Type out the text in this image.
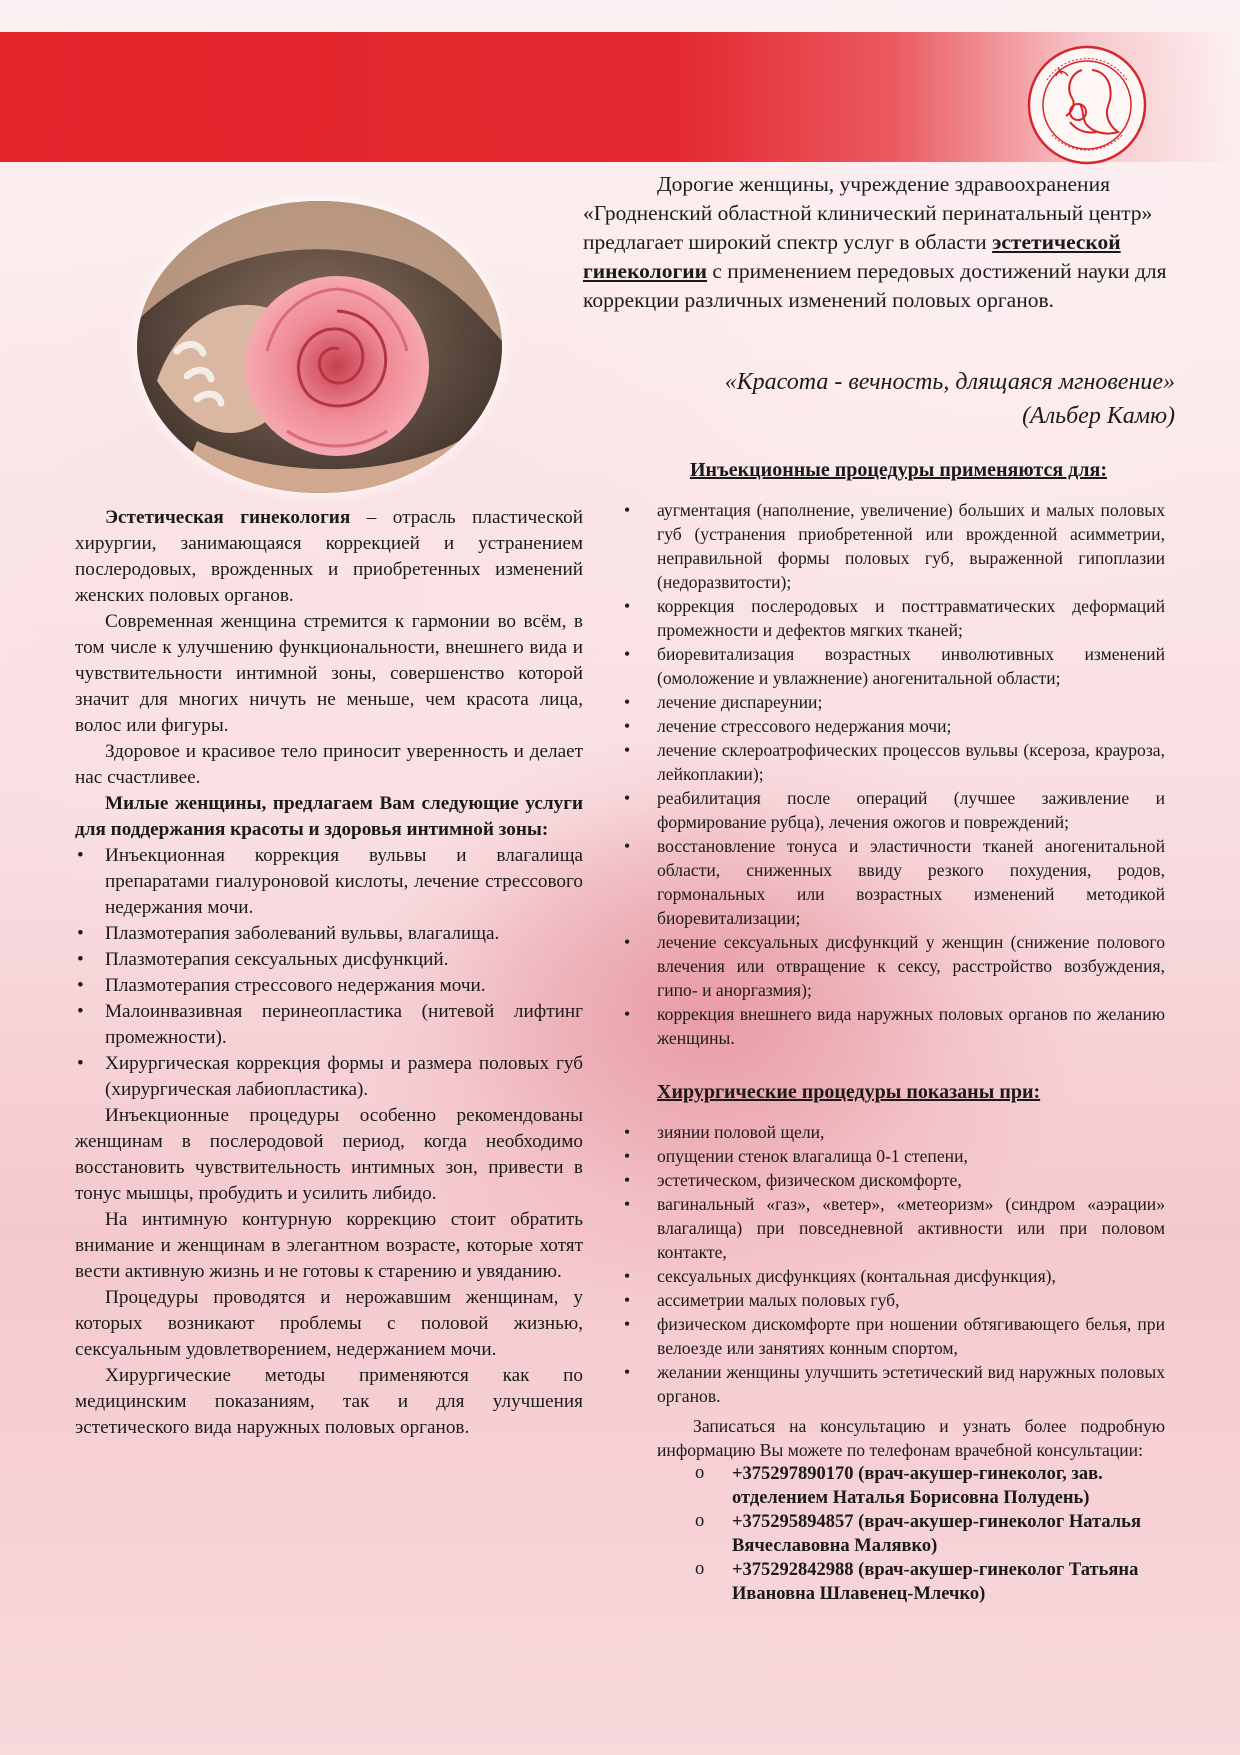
Дорогие женщины, учреждение здравоохранения «Гродненский областной клинический перинатальный центр» предлагает широкий спектр услуг в области эстетической гинекологии с применением передовых достижений науки для коррекции различных изменений половых органов.

«Красота - вечность, длящаяся мгновение»
(Альбер Камю)

Эстетическая гинекология – отрасль пластической хирургии, занимающаяся коррекцией и устранением послеродовых, врожденных и приобретенных изменений женских половых органов.

Современная женщина стремится к гармонии во всём, в том числе к улучшению функциональности, внешнего вида и чувствительности интимной зоны, совершенство которой значит для многих ничуть не меньше, чем красота лица, волос или фигуры.

Здоровое и красивое тело приносит уверенность и делает нас счастливее.

Милые женщины, предлагаем Вам следующие услуги для поддержания красоты и здоровья интимной зоны:

• Инъекционная коррекция вульвы и влагалища препаратами гиалуроновой кислоты, лечение стрессового недержания мочи.
• Плазмотерапия заболеваний вульвы, влагалища.
• Плазмотерапия сексуальных дисфункций.
• Плазмотерапия стрессового недержания мочи.
• Малоинвазивная перинеопластика (нитевой лифтинг промежности).
• Хирургическая коррекция формы и размера половых губ (хирургическая лабиопластика).

Инъекционные процедуры особенно рекомендованы женщинам в послеродовой период, когда необходимо восстановить чувствительность интимных зон, привести в тонус мышцы, пробудить и усилить либидо.

На интимную контурную коррекцию стоит обратить внимание и женщинам в элегантном возрасте, которые хотят вести активную жизнь и не готовы к старению и увяданию.

Процедуры проводятся и нерожавшим женщинам, у которых возникают проблемы с половой жизнью, сексуальным удовлетворением, недержанием мочи.

Хирургические методы применяются как по медицинским показаниям, так и для улучшения эстетического вида наружных половых органов.

Инъекционные процедуры применяются для:
• аугментация (наполнение, увеличение) больших и малых половых губ (устранения приобретенной или врожденной асимметрии, неправильной формы половых губ, выраженной гипоплазии (недоразвитости);
• коррекция послеродовых и посттравматических деформаций промежности и дефектов мягких тканей;
• биоревитализация возрастных инволютивных изменений (омоложение и увлажнение) аногенитальной области;
• лечение диспареунии;
• лечение стрессового недержания мочи;
• лечение склероатрофических процессов вульвы (ксероза, крауроза, лейкоплакии);
• реабилитация после операций (лучшее заживление и формирование рубца), лечения ожогов и повреждений;
• восстановление тонуса и эластичности тканей аногенитальной области, сниженных ввиду резкого похудения, родов, гормональных или возрастных изменений методикой биоревитализации;
• лечение сексуальных дисфункций у женщин (снижение полового влечения или отвращение к сексу, расстройство возбуждения, гипо- и аноргазмия);
• коррекция внешнего вида наружных половых органов по желанию женщины.
Хирургические процедуры показаны при:
• зиянии половой щели,
• опущении стенок влагалища 0-1 степени,
• эстетическом, физическом дискомфорте,
• вагинальный «газ», «ветер», «метеоризм» (синдром «аэрации» влагалища) при повседневной активности или при половом контакте,
• сексуальных дисфункциях (контальная дисфункция),
• ассиметрии малых половых губ,
• физическом дискомфорте при ношении обтягивающего белья, при велоезде или занятиях конным спортом,
• желании женщины улучшить эстетический вид наружных половых органов.

Записаться на консультацию и узнать более подробную информацию Вы можете по телефонам врачебной консультации:

o +375297890170 (врач-акушер-гинеколог, зав. отделением Наталья Борисовна Полудень)
o +375295894857 (врач-акушер-гинеколог Наталья Вячеславовна Малявко)
o +375292842988 (врач-акушер-гинеколог Татьяна Ивановна Шлавенец-Млечко)
